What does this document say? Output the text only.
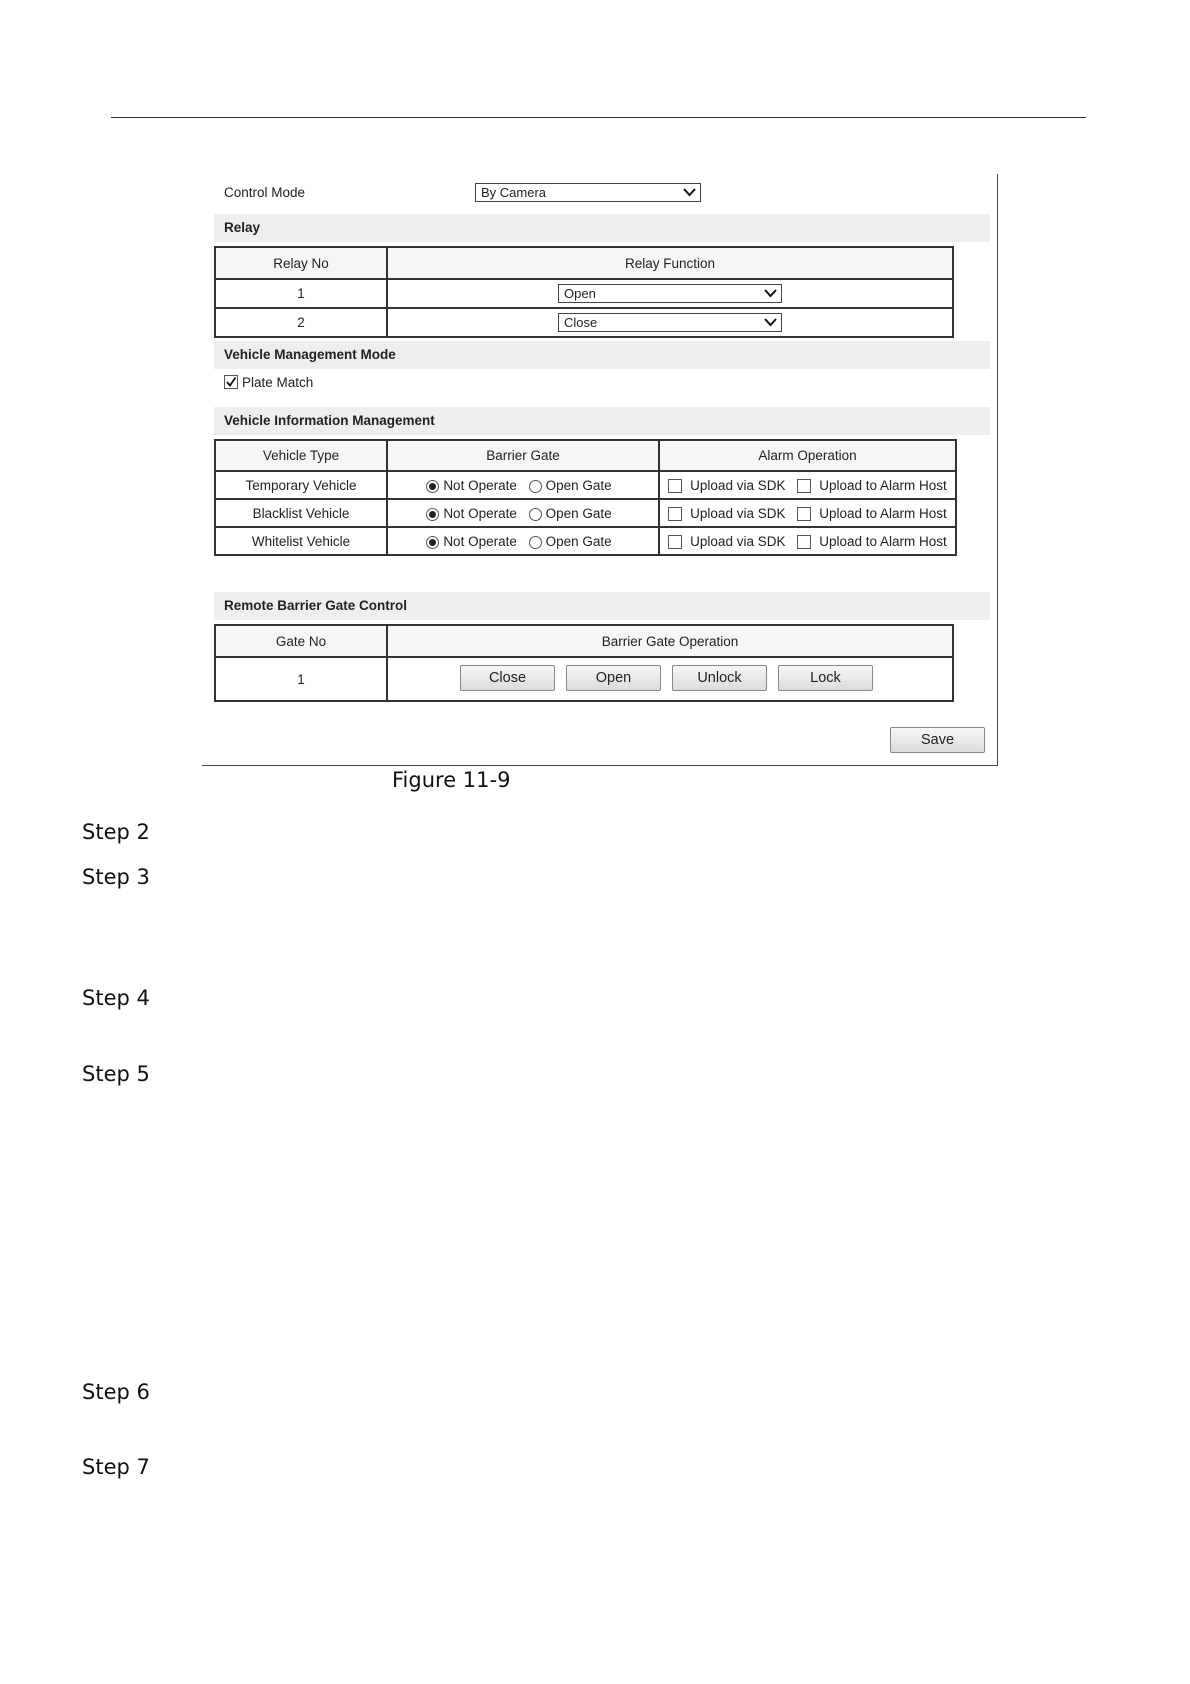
Control Mode	By Camera
Relay
Relay No	Relay Function
1	Open

2	Close
Vehicle Management Mode
Plate Match
Vehicle Information Management
Vehicle Type	Barrier Gate	Alarm Operation
Temporary Vehicle	Not Operate Open Gate	Upload via SDK Upload to Alarm Host
Blacklist Vehicle	Not Operate Open Gate	Upload via SDK Upload to Alarm Host
Whitelist Vehicle	Not Operate Open Gate	Upload via SDK Upload to Alarm Host
Remote Barrier Gate Control
Gate No	Barrier Gate Operation
1		Close	Open	Unlock	Lock
Save
Figure 11-9
Step 2
Step 3
Step 4
Step 5
Step 6
Step 7
